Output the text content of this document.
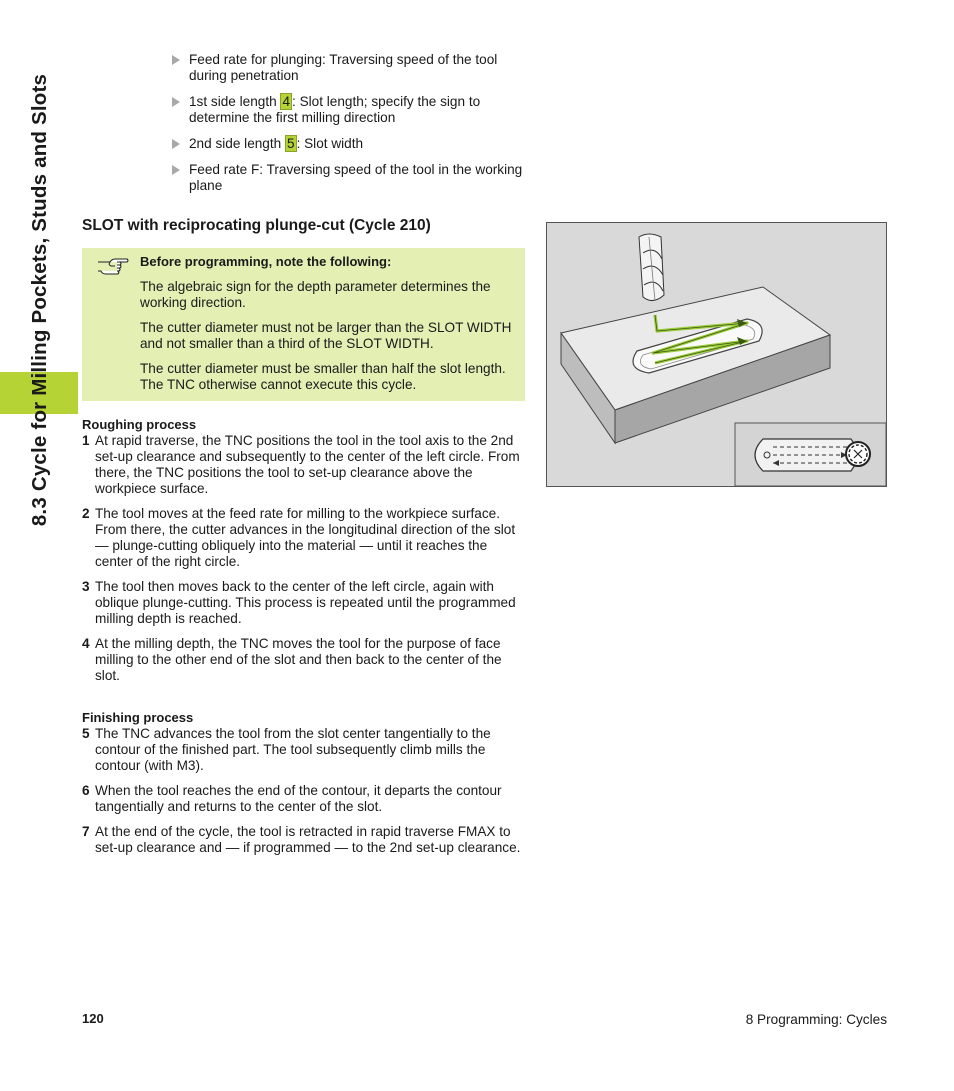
8.3 Cycle for Milling Pockets, Studs and Slots
Feed rate for plunging: Traversing speed of the tool during penetration
1st side length 4 : Slot length; specify the sign to determine the first milling direction
2nd side length 5 : Slot width
Feed rate F: Traversing speed of the tool in the working plane
SLOT with reciprocating plunge-cut (Cycle 210)
Before programming, note the following:

The algebraic sign for the depth parameter determines the working direction.

The cutter diameter must not be larger than the SLOT WIDTH and not smaller than a third of the SLOT WIDTH.

The cutter diameter must be smaller than half the slot length. The TNC otherwise cannot execute this cycle.

Roughing process
1 At rapid traverse, the TNC positions the tool in the tool axis to the 2nd set-up clearance and subsequently to the center of the left circle. From there, the TNC positions the tool to set-up clearance above the workpiece surface.
2 The tool moves at the feed rate for milling to the workpiece surface. From there, the cutter advances in the longitudinal direction of the slot — plunge-cutting obliquely into the material — until it reaches the center of the right circle.
3 The tool then moves back to the center of the left circle, again with oblique plunge-cutting. This process is repeated until the programmed milling depth is reached.
4 At the milling depth, the TNC moves the tool for the purpose of face milling to the other end of the slot and then back to the center of the slot.
Finishing process
5 The TNC advances the tool from the slot center tangentially to the contour of the finished part. The tool subsequently climb mills the contour (with M3).
6 When the tool reaches the end of the contour, it departs the contour tangentially and returns to the center of the slot.
7 At the end of the cycle, the tool is retracted in rapid traverse FMAX to set-up clearance and — if programmed — to the 2nd set-up clearance.
120	8 Programming: Cycles
